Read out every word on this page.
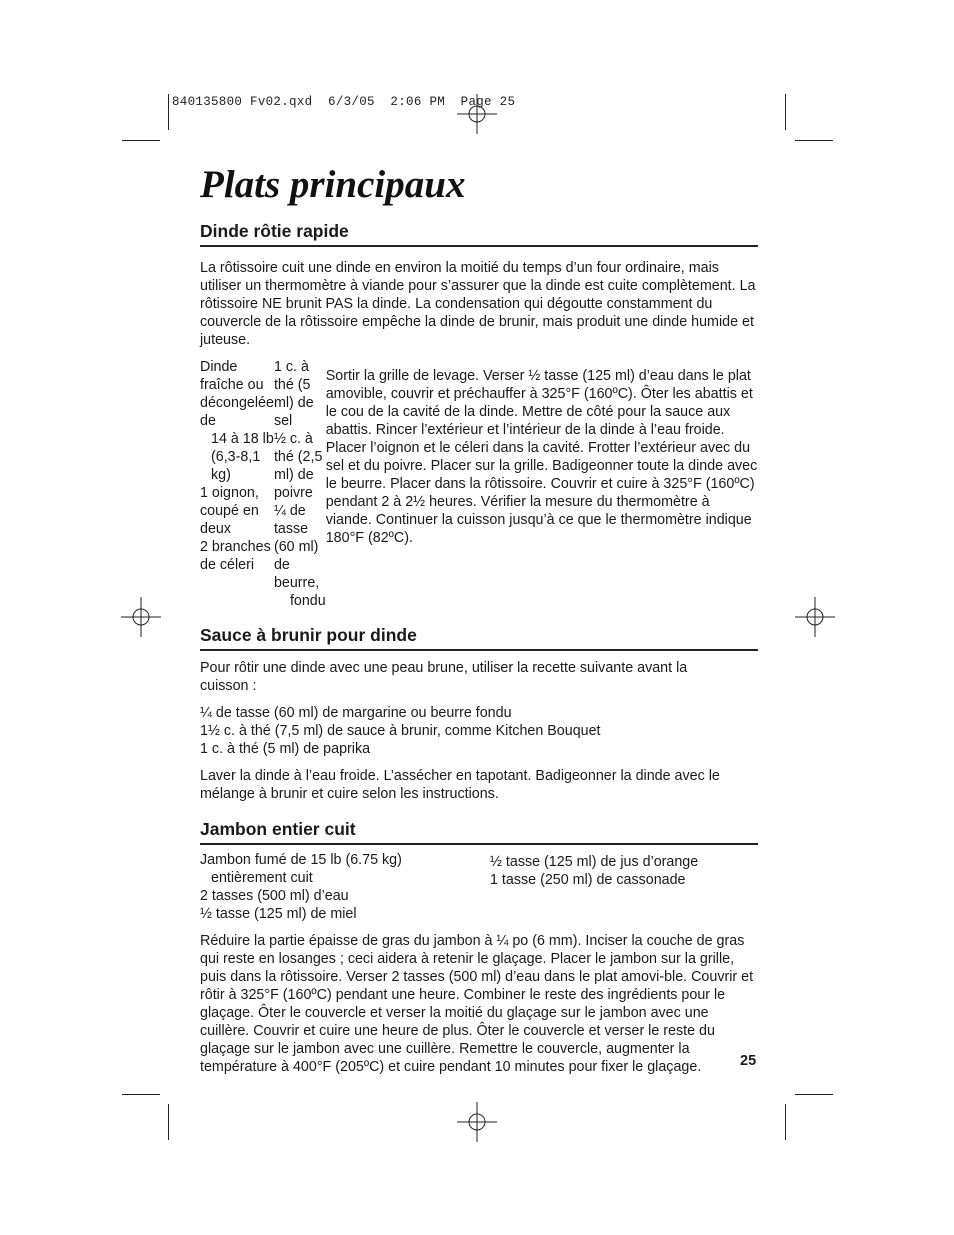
840135800 Fv02.qxd  6/3/05  2:06 PM  Page 25
Plats principaux
Dinde rôtie rapide

La rôtissoire cuit une dinde en environ la moitié du temps d’un four ordinaire, mais utiliser un thermomètre à viande pour s’assurer que la dinde est cuite complètement. La rôtissoire NE brunit PAS la dinde. La condensation qui dégoutte constamment du couvercle de la rôtissoire empêche la dinde de brunir, mais produit une dinde humide et juteuse.

Dinde fraîche ou décongelée de
14 à 18 lb (6,3-8,1 kg)
1 oignon, coupé en deux
2 branches de céleri
1 c. à thé (5 ml) de sel
½ c. à thé (2,5 ml) de poivre
¼ de tasse (60 ml) de beurre,
fondu

Sortir la grille de levage. Verser ½ tasse (125 ml) d’eau dans le plat amovible, couvrir et préchauffer à 325°F (160ºC). Ôter les abattis et le cou de la cavité de la dinde. Mettre de côté pour la sauce aux abattis. Rincer l’extérieur et l’intérieur de la dinde à l’eau froide. Placer l’oignon et le céleri dans la cavité. Frotter l’extérieur avec du sel et du poivre. Placer sur la grille. Badigeonner toute la dinde avec le beurre. Placer dans la rôtissoire. Couvrir et cuire à 325°F (160ºC) pendant 2 à 2½ heures. Vérifier la mesure du thermomètre à viande. Continuer la cuisson jusqu’à ce que le thermomètre indique 180°F (82ºC).

Sauce à brunir pour dinde

Pour rôtir une dinde avec une peau brune, utiliser la recette suivante avant la cuisson :

¼ de tasse (60 ml) de margarine ou beurre fondu
1½ c. à thé (7,5 ml) de sauce à brunir, comme Kitchen Bouquet
1 c. à thé (5 ml) de paprika

Laver la dinde à l’eau froide. L’assécher en tapotant. Badigeonner la dinde avec le mélange à brunir et cuire selon les instructions.

Jambon entier cuit
Jambon fumé de 15 lb (6.75 kg)
entièrement cuit
2 tasses (500 ml) d’eau
½ tasse (125 ml) de miel
½ tasse (125 ml) de jus d’orange
1 tasse (250 ml) de cassonade

Réduire la partie épaisse de gras du jambon à ¼ po (6 mm). Inciser la couche de gras qui reste en losanges ; ceci aidera à retenir le glaçage. Placer le jambon sur la grille, puis dans la rôtissoire. Verser 2 tasses (500 ml) d’eau dans le plat amovi-ble. Couvrir et rôtir à 325°F (160ºC) pendant une heure. Combiner le reste des ingrédients pour le glaçage. Ôter le couvercle et verser la moitié du glaçage sur le jambon avec une cuillère. Couvrir et cuire une heure de plus. Ôter le couvercle et verser le reste du glaçage sur le jambon avec une cuillère. Remettre le couvercle, augmenter la température à 400°F (205ºC) et cuire pendant 10 minutes pour fixer le glaçage.	25
